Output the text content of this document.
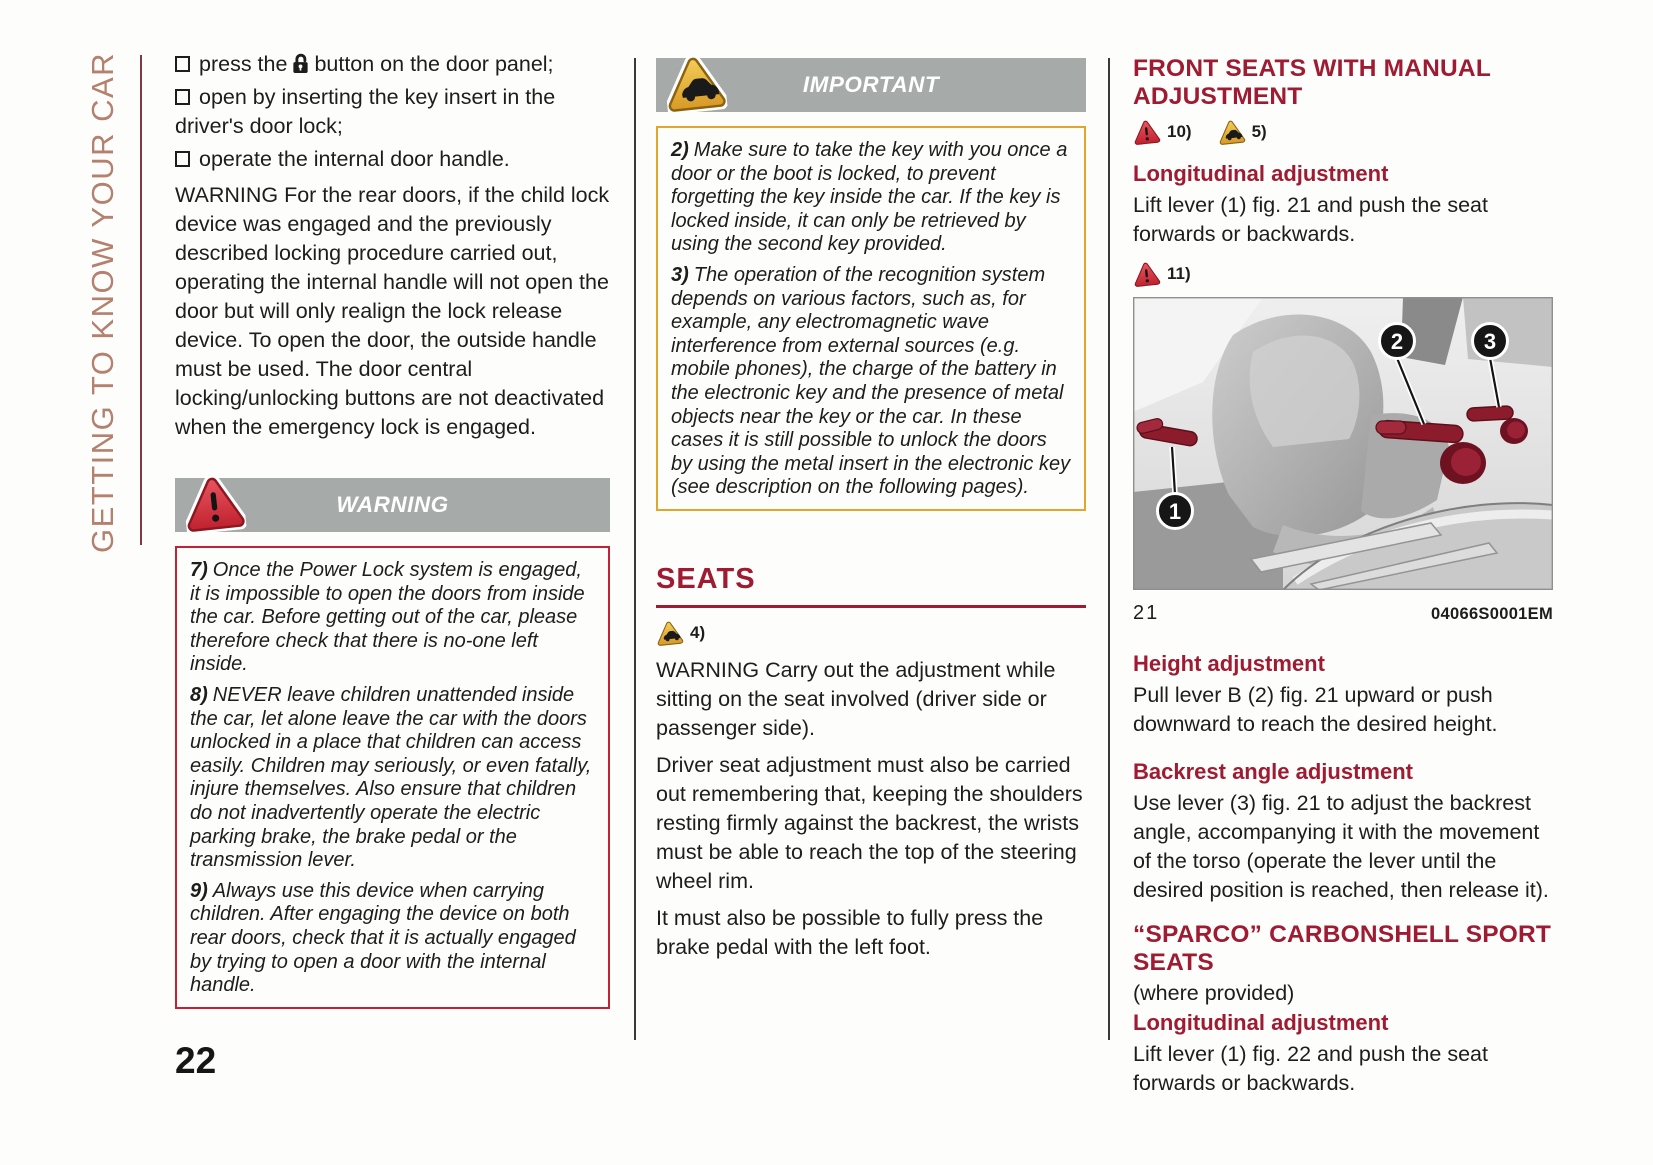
GETTING TO KNOW YOUR CAR	press the button on the door panel;

open by inserting the key insert in the driver's door lock;

operate the internal door handle.

WARNING For the rear doors, if the child lock device was engaged and the previously described locking procedure carried out, operating the internal handle will not open the door but will only realign the lock release device. To open the door, the outside handle must be used. The door central locking/unlocking buttons are not deactivated when the emergency lock is engaged.

WARNING

7) Once the Power Lock system is engaged, it is impossible to open the doors from inside the car. Before getting out of the car, please therefore check that there is no-one left inside.

8) NEVER leave children unattended inside the car, let alone leave the car with the doors unlocked in a place that children can access easily. Children may seriously, or even fatally, injure themselves. Also ensure that children do not inadvertently operate the electric parking brake, the brake pedal or the transmission lever.

9) Always use this device when carrying children. After engaging the device on both rear doors, check that it is actually engaged by trying to open a door with the internal handle.

IMPORTANT

2) Make sure to take the key with you once a door or the boot is locked, to prevent forgetting the key inside the car. If the key is locked inside, it can only be retrieved by using the second key provided.

3) The operation of the recognition system depends on various factors, such as, for example, any electromagnetic wave interference from external sources (e.g. mobile phones), the charge of the battery in the electronic key and the presence of metal objects near the key or the car. In these cases it is still possible to unlock the doors by using the metal insert in the electronic key (see description on the following pages).

SEATS
4)

WARNING Carry out the adjustment while sitting on the seat involved (driver side or passenger side).

Driver seat adjustment must also be carried out remembering that, keeping the shoulders resting firmly against the backrest, the wrists must be able to reach the top of the steering wheel rim.

It must also be possible to fully press the brake pedal with the left foot.

FRONT SEATS WITH MANUAL ADJUSTMENT
10)	5)
Longitudinal adjustment

Lift lever (1) fig. 21 and push the seat forwards or backwards.

11)
1
2	3
21	04066S0001EM
Height adjustment

Pull lever B (2) fig. 21 upward or push downward to reach the desired height.

Backrest angle adjustment

Use lever (3) fig. 21 to adjust the backrest angle, accompanying it with the movement of the torso (operate the lever until the desired position is reached, then release it).

“SPARCO” CARBONSHELL SPORT SEATS

(where provided)

Longitudinal adjustment

Lift lever (1) fig. 22 and push the seat forwards or backwards.

22
